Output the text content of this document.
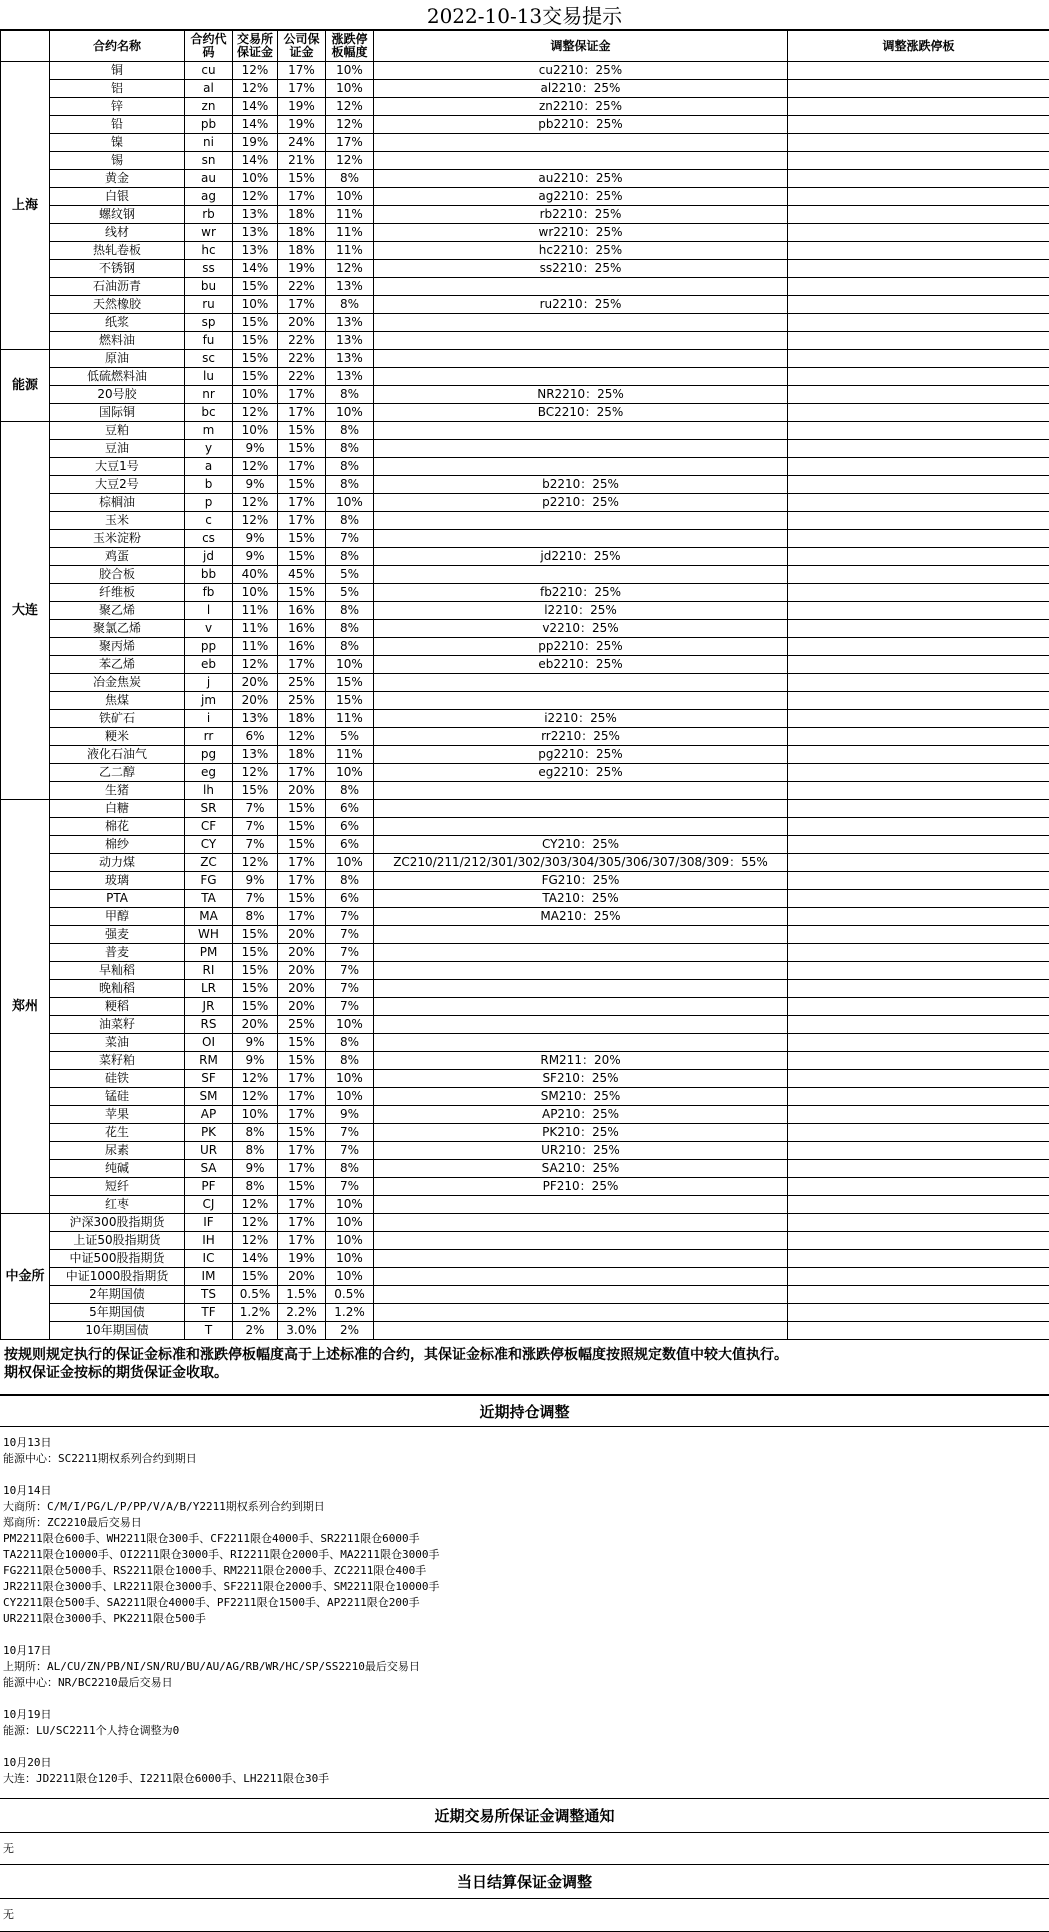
2022-10-13交易提示
	合约名称	合约代码	交易所保证金	公司保证金	涨跌停板幅度	调整保证金	调整涨跌停板
上海	铜	cu	12%	17%	10%	cu2210：25%	
	铝	al	12%	17%	10%	al2210：25%	
	锌	zn	14%	19%	12%	zn2210：25%	
	铅	pb	14%	19%	12%	pb2210：25%	
	镍	ni	19%	24%	17%		
	锡	sn	14%	21%	12%		
	黄金	au	10%	15%	8%	au2210：25%	
	白银	ag	12%	17%	10%	ag2210：25%	
	螺纹钢	rb	13%	18%	11%	rb2210：25%	
	线材	wr	13%	18%	11%	wr2210：25%	
	热轧卷板	hc	13%	18%	11%	hc2210：25%	
	不锈钢	ss	14%	19%	12%	ss2210：25%	
	石油沥青	bu	15%	22%	13%		
	天然橡胶	ru	10%	17%	8%	ru2210：25%	
	纸浆	sp	15%	20%	13%		
	燃料油	fu	15%	22%	13%		
能源	原油	sc	15%	22%	13%		
	低硫燃料油	lu	15%	22%	13%		
	20号胶	nr	10%	17%	8%	NR2210：25%	
	国际铜	bc	12%	17%	10%	BC2210：25%	
大连	豆粕	m	10%	15%	8%		
	豆油	y	9%	15%	8%		
	大豆1号	a	12%	17%	8%		
	大豆2号	b	9%	15%	8%	b2210：25%	
	棕榈油	p	12%	17%	10%	p2210：25%	
	玉米	c	12%	17%	8%		
	玉米淀粉	cs	9%	15%	7%		
	鸡蛋	jd	9%	15%	8%	jd2210：25%	
	胶合板	bb	40%	45%	5%		
	纤维板	fb	10%	15%	5%	fb2210：25%	
	聚乙烯	l	11%	16%	8%	l2210：25%	
	聚氯乙烯	v	11%	16%	8%	v2210：25%	
	聚丙烯	pp	11%	16%	8%	pp2210：25%	
	苯乙烯	eb	12%	17%	10%	eb2210：25%	
	冶金焦炭	j	20%	25%	15%		
	焦煤	jm	20%	25%	15%		
	铁矿石	i	13%	18%	11%	i2210：25%	
	粳米	rr	6%	12%	5%	rr2210：25%	
	液化石油气	pg	13%	18%	11%	pg2210：25%	
	乙二醇	eg	12%	17%	10%	eg2210：25%	
	生猪	lh	15%	20%	8%		
郑州	白糖	SR	7%	15%	6%		
	棉花	CF	7%	15%	6%		
	棉纱	CY	7%	15%	6%	CY210：25%	
	动力煤	ZC	12%	17%	10%	ZC210/211/212/301/302/303/304/305/306/307/308/309：55%	
	玻璃	FG	9%	17%	8%	FG210：25%	
	PTA	TA	7%	15%	6%	TA210：25%	
	甲醇	MA	8%	17%	7%	MA210：25%	
	强麦	WH	15%	20%	7%		
	普麦	PM	15%	20%	7%		
	早籼稻	RI	15%	20%	7%		
	晚籼稻	LR	15%	20%	7%		
	粳稻	JR	15%	20%	7%		
	油菜籽	RS	20%	25%	10%		
	菜油	OI	9%	15%	8%		
	菜籽粕	RM	9%	15%	8%	RM211：20%	
	硅铁	SF	12%	17%	10%	SF210：25%	
	锰硅	SM	12%	17%	10%	SM210：25%	
	苹果	AP	10%	17%	9%	AP210：25%	
	花生	PK	8%	15%	7%	PK210：25%	
	尿素	UR	8%	17%	7%	UR210：25%	
	纯碱	SA	9%	17%	8%	SA210：25%	
	短纤	PF	8%	15%	7%	PF210：25%	
	红枣	CJ	12%	17%	10%		
中金所	沪深300股指期货	IF	12%	17%	10%		
	上证50股指期货	IH	12%	17%	10%		
	中证500股指期货	IC	14%	19%	10%		
	中证1000股指期货	IM	15%	20%	10%		
	2年期国债	TS	0.5%	1.5%	0.5%		
	5年期国债	TF	1.2%	2.2%	1.2%		
	10年期国债	T	2%	3.0%	2%		
按规则规定执行的保证金标准和涨跌停板幅度高于上述标准的合约，其保证金标准和涨跌停板幅度按照规定数值中较大值执行。
期权保证金按标的期货保证金收取。
近期持仓调整
10月13日
能源中心：SC2211期权系列合约到期日
10月14日
大商所：C/M/I/PG/L/P/PP/V/A/B/Y2211期权系列合约到期日
郑商所：ZC2210最后交易日
PM2211限仓600手、WH2211限仓300手、CF2211限仓4000手、SR2211限仓6000手
TA2211限仓10000手、OI2211限仓3000手、RI2211限仓2000手、MA2211限仓3000手
FG2211限仓5000手、RS2211限仓1000手、RM2211限仓2000手、ZC2211限仓400手
JR2211限仓3000手、LR2211限仓3000手、SF2211限仓2000手、SM2211限仓10000手
CY2211限仓500手、SA2211限仓4000手、PF2211限仓1500手、AP2211限仓200手
UR2211限仓3000手、PK2211限仓500手
10月17日
上期所：AL/CU/ZN/PB/NI/SN/RU/BU/AU/AG/RB/WR/HC/SP/SS2210最后交易日
能源中心：NR/BC2210最后交易日
10月19日
能源：LU/SC2211个人持仓调整为0
10月20日
大连：JD2211限仓120手、I2211限仓6000手、LH2211限仓30手
近期交易所保证金调整通知
无
当日结算保证金调整
无
